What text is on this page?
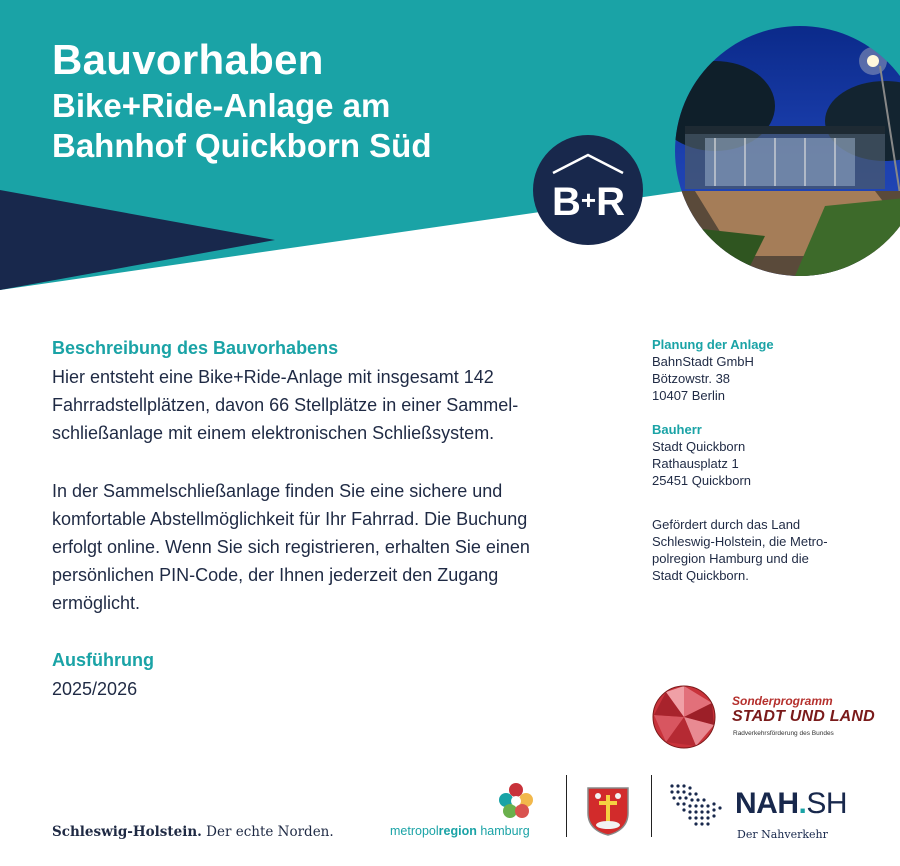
Bauvorhaben
Bike+Ride-Anlage am
Bahnhof Quickborn Süd
B+R
Beschreibung des Bauvorhabens
Hier entsteht eine Bike+Ride-Anlage mit insgesamt 142
Fahrradstellplätzen, davon 66 Stellplätze in einer Sammel-
schließanlage mit einem elektronischen Schließsystem.
In der Sammelschließanlage finden Sie eine sichere und
komfortable Abstellmöglichkeit für Ihr Fahrrad. Die Buchung
erfolgt online. Wenn Sie sich registrieren, erhalten Sie einen
persönlichen PIN-Code, der Ihnen jederzeit den Zugang
ermöglicht.
Ausführung
2025/2026
Planung der Anlage
BahnStadt GmbH
Bötzowstr. 38
10407 Berlin
Bauherr
Stadt Quickborn
Rathausplatz 1
25451 Quickborn
Gefördert durch das Land
Schleswig-Holstein, die Metro-
polregion Hamburg und die
Stadt Quickborn.
Sonderprogramm
STADT UND LAND
Radverkehrsförderung des Bundes
Schleswig-Holstein. Der echte Norden.	metropolregion hamburg
NAH.SH
Der Nahverkehr
